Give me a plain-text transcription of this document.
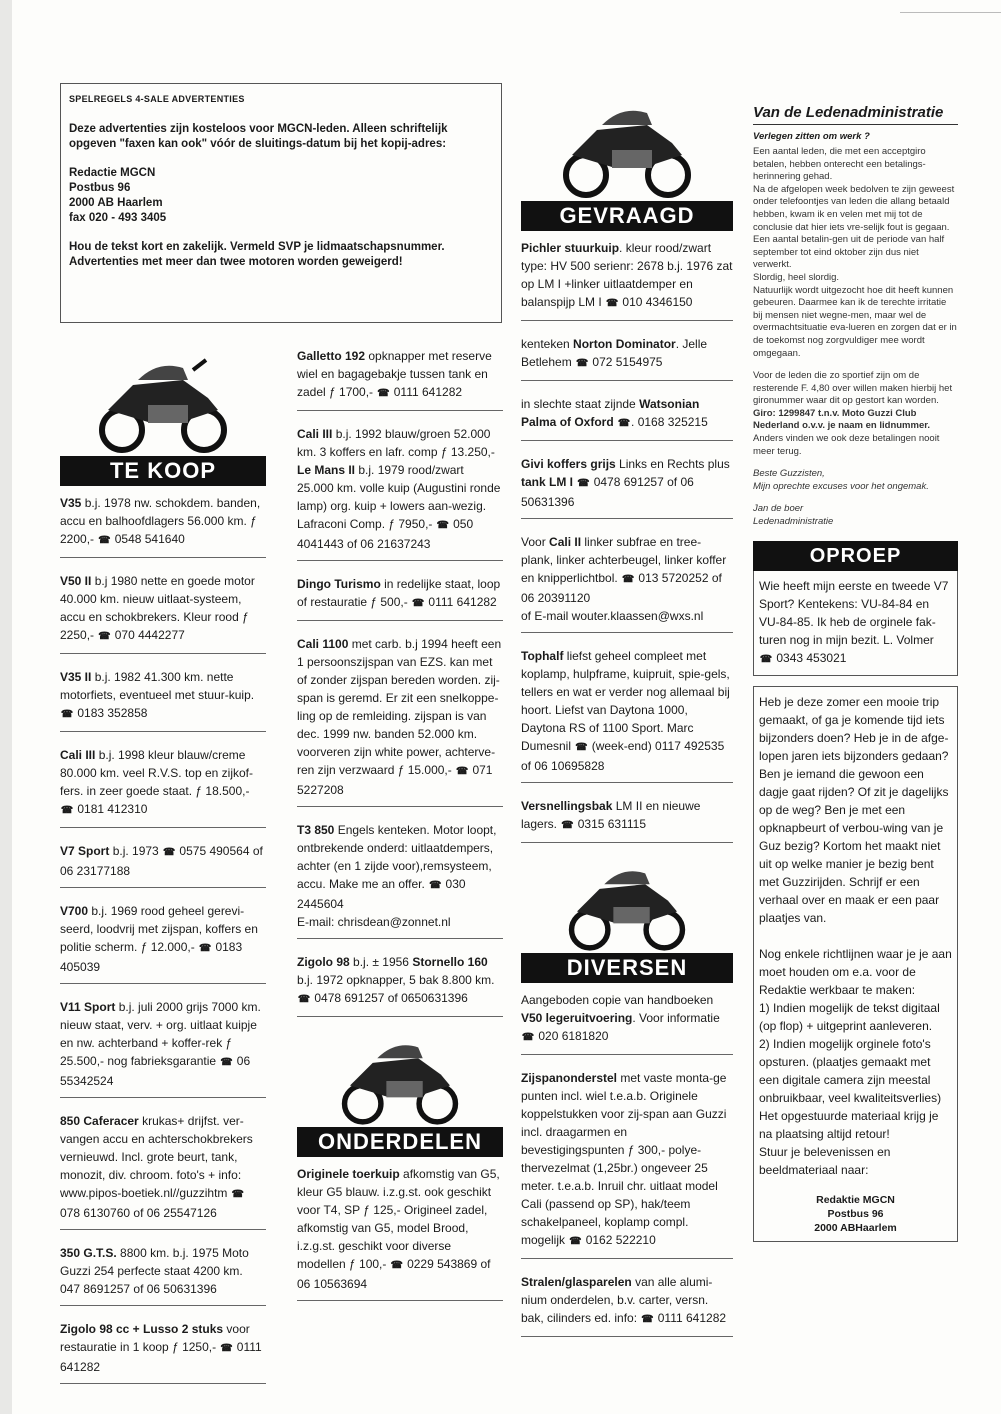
SPELREGELS 4-SALE ADVERTENTIES

Deze advertenties zijn kosteloos voor MGCN-leden. Alleen schriftelijk opgeven "faxen kan ook" vóór de sluitings-datum bij het kopij-adres:

Redactie MGCN
Postbus 96
2000 AB Haarlem
fax 020 - 493 3405

Hou de tekst kort en zakelijk. Vermeld SVP je lidmaatschapsnummer. Advertenties met meer dan twee motoren worden geweigerd!

TE KOOP
V35 b.j. 1978 nw. schokdem. banden, accu en balhoofdlagers 56.000 km. ƒ 2200,- ☎ 0548 541640
V50 II b.j 1980 nette en goede motor 40.000 km. nieuw uitlaat-systeem, accu en schokbrekers. Kleur rood ƒ 2250,- ☎ 070 4442277
V35 II b.j. 1982 41.300 km. nette motorfiets, eventueel met stuur-kuip. ☎ 0183 352858
Cali III b.j. 1998 kleur blauw/creme 80.000 km. veel R.V.S. top en zijkof-fers. in zeer goede staat. ƒ 18.500,- ☎ 0181 412310
V7 Sport b.j. 1973 ☎ 0575 490564 of 06 23177188
V700 b.j. 1969 rood geheel gerevi-seerd, loodvrij met zijspan, koffers en politie scherm. ƒ 12.000,- ☎ 0183 405039
V11 Sport b.j. juli 2000 grijs 7000 km. nieuw staat, verv. + org. uitlaat kuipje en nw. achterband + koffer-rek ƒ 25.500,- nog fabrieksgarantie ☎ 06 55342524
850 Caferacer krukas+ drijfst. ver-vangen accu en achterschokbrekers vernieuwd. Incl. grote beurt, tank, monozit, div. chroom. foto's + info: www.pipos-boetiek.nl//guzzihtm ☎ 078 6130760 of 06 25547126
350 G.T.S. 8800 km. b.j. 1975 Moto Guzzi 254 perfecte staat 4200 km. 047 8691257 of 06 50631396
Zigolo 98 cc + Lusso 2 stuks voor restauratie in 1 koop ƒ 1250,- ☎ 0111 641282
Galletto 192 opknapper met reserve wiel en bagagebakje tussen tank en zadel ƒ 1700,- ☎ 0111 641282
Cali III b.j. 1992 blauw/groen 52.000 km. 3 koffers en lafr. comp ƒ 13.250,- Le Mans II b.j. 1979 rood/zwart 25.000 km. volle kuip (Augustini ronde lamp) org. kuip + lowers aan-wezig. Lafraconi Comp. ƒ 7950,- ☎ 050 4041443 of 06 21637243
Dingo Turismo in redelijke staat, loop of restauratie ƒ 500,- ☎ 0111 641282
Cali 1100 met carb. b.j 1994 heeft een 1 persoonszijspan van EZS. kan met of zonder zijspan bereden worden. zij-span is geremd. Er zit een snelkoppe-ling op de remleiding. zijspan is van dec. 1999 nw. banden 52.000 km. voorveren zijn white power, achterve-ren zijn verzwaard ƒ 15.000,- ☎ 071 5227208
T3 850 Engels kenteken. Motor loopt, ontbrekende onderd: uitlaatdempers, achter (en 1 zijde voor),remsysteem, accu. Make me an offer. ☎ 030 2445604
E-mail: chrisdean@zonnet.nl
Zigolo 98 b.j. ± 1956 Stornello 160 b.j. 1972 opknapper, 5 bak 8.800 km. ☎ 0478 691257 of 0650631396
ONDERDELEN
Originele toerkuip afkomstig van G5, kleur G5 blauw. i.z.g.st. ook geschikt voor T4, SP ƒ 125,- Origineel zadel, afkomstig van G5, model Brood, i.z.g.st. geschikt voor diverse modellen ƒ 100,- ☎ 0229 543869 of 06 10563694
GEVRAAGD
Pichler stuurkuip. kleur rood/zwart type: HV 500 serienr: 2678 b.j. 1976 zat op LM I +linker uitlaatdemper en balanspijp LM I ☎ 010 4346150
kenteken Norton Dominator. Jelle Betlehem ☎ 072 5154975
in slechte staat zijnde Watsonian Palma of Oxford ☎. 0168 325215
Givi koffers grijs Links en Rechts plus tank LM I ☎ 0478 691257 of 06 50631396
Voor Cali II linker subfrae en tree-plank, linker achterbeugel, linker koffer en knipperlichtbol. ☎ 013 5720252 of 06 20391120
of E-mail wouter.klaassen@wxs.nl
Tophalf liefst geheel compleet met koplamp, hulpframe, kuipruit, spie-gels, tellers en wat er verder nog allemaal bij hoort. Liefst van Daytona 1000, Daytona RS of 1100 Sport. Marc Dumesnil ☎ (week-end) 0117 492535 of 06 10695828
Versnellingsbak LM II en nieuwe lagers. ☎ 0315 631115
DIVERSEN
Aangeboden copie van handboeken V50 legeruitvoering. Voor informatie ☎ 020 6181820
Zijspanonderstel met vaste monta-ge punten incl. wiel t.e.a.b. Originele koppelstukken voor zij-span aan Guzzi incl. draagarmen en bevestigingspunten ƒ 300,- polye-thervezelmat (1,25br.) ongeveer 25 meter. t.e.a.b. Inruil chr. uitlaat model Cali (passend op SP), hak/teem schakelpaneel, koplamp compl. mogelijk ☎ 0162 522210
Stralen/glasparelen van alle alumi-nium onderdelen, b.v. carter, versn. bak, cilinders ed. info: ☎ 0111 641282
Van de Ledenadministratie
Verlegen zitten om werk ?

Een aantal leden, die met een acceptgiro betalen, hebben onterecht een betalings-herinnering gehad.

Na de afgelopen week bedolven te zijn geweest onder telefoontjes van leden die allang betaald hebben, kwam ik en velen met mij tot de conclusie dat hier iets vre-selijk fout is gegaan. Een aantal betalin-gen uit de periode van half september tot eind oktober zijn dus niet verwerkt.

Slordig, heel slordig.

Natuurlijk wordt uitgezocht hoe dit heeft kunnen gebeuren. Daarmee kan ik de terechte irritatie bij mensen niet wegne-men, maar wel de overmachtsituatie eva-lueren en zorgen dat er in de toekomst nog zorgvuldiger mee wordt omgegaan.

Voor de leden die zo sportief zijn om de resterende F. 4,80 over willen maken hierbij het gironummer waar dit op gestort kan worden.

Giro: 1299847 t.n.v. Moto Guzzi Club Nederland o.v.v. je naam en lidnummer.

Anders vinden we ook deze betalingen nooit meer terug.

Beste Guzzisten,

Mijn oprechte excuses voor het ongemak.

Jan de boer

Ledenadministratie

OPROEP
Wie heeft mijn eerste en tweede V7 Sport? Kentekens: VU-84-84 en VU-84-85. Ik heb de orginele fak-turen nog in mijn bezit. L. Volmer
☎ 0343 453021

Heb je deze zomer een mooie trip gemaakt, of ga je komende tijd iets bijzonders doen? Heb je in de afge-lopen jaren iets bijzonders gedaan? Ben je iemand die gewoon een dagje gaat rijden? Of zit je dagelijks op de weg? Ben je met een opknapbeurt of verbou-wing van je Guz bezig? Kortom het maakt niet uit op welke manier je bezig bent met Guzzirijden. Schrijf er een verhaal over en maak er een paar plaatjes van.

Nog enkele richtlijnen waar je je aan moet houden om e.a. voor de Redaktie werkbaar te maken:

1) Indien mogelijk de tekst digitaal (op flop) + uitgeprint aanleveren.

2) Indien mogelijk orginele foto's opsturen. (plaatjes gemaakt met een digitale camera zijn meestal onbruikbaar, veel kwaliteitsverlies)

Het opgestuurde materiaal krijg je na plaatsing altijd retour!

Stuur je belevenissen en beeldmateriaal naar:

Redaktie MGCN
Postbus 96
2000 ABHaarlem
